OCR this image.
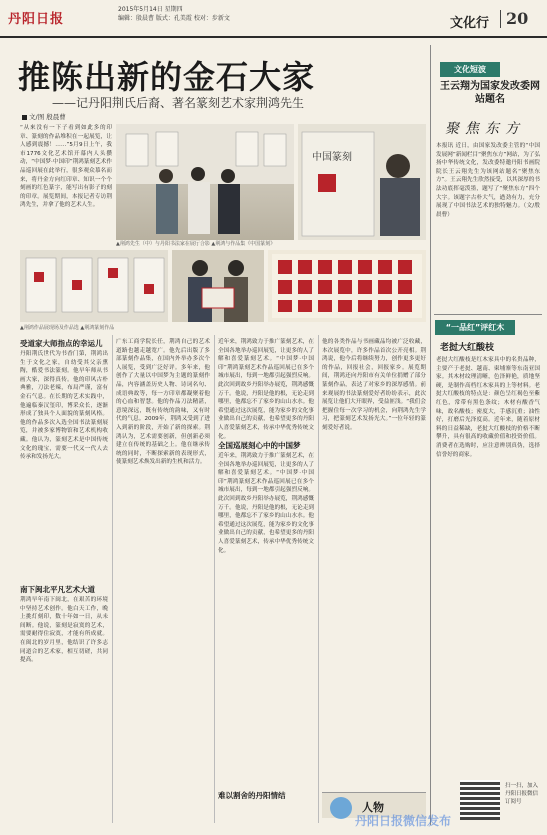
丹阳日报
2015年5月14日 星期四
编辑：殷晨曹 版式：孔美霞 校对：步新文	文化行 20
推陈出新的金石大家
——记丹阳荆氏后裔、著名篆刻艺术家荆鸿先生
文/图 殷晨曹
“从來没有一下子看到如此多的印章、篆刻的作品堆积在一起展览，让人感到震撼！……”5月9日上午，我市1776文化艺术馆开幕内人头攒动，“中国梦·中国印”荆鸿篆刻艺术作品巡回展在此举行，很多观众慕名而来，将丹金方向红印章、知识一个个刻画的红色篆字，能写出有影子的刻的印章。展览期间，本报记者专访荆鸿先生，并拿了他的艺术人生。
中国篆刻
▲荆鸿先生（中）与丹阳书法家在展厅合影 ▲荆鸿与作品集《中国篆刻》
▲荆鸿作品展现场及作品选 ▲荆鸿篆刻作品
受道家大师指点的幸运儿
丹阳荆氏世代为书香门第，荆鸿出生于文化之家，自幼受其父亲熏陶，酷爱书法篆刻。他早年师从书画大家，深得真传。他的印风古朴典雅，刀法老辣，布局严谨，富有金石气息。在长期的艺术实践中，他遍临秦汉玺印，博采众长，逐渐形成了独具个人面貌的篆刻风格。他的作品多次入选全国书法篆刻展览，并被多家博物馆和艺术机构收藏。他认为，篆刻艺术是中国传统文化的瑰宝，需要一代又一代人去传承和发扬光大。
南下闽北平凡艺术大道
荆鸿早年南下闽北，在艰苦的环境中坚持艺术创作。他白天工作，晚上挑灯刻印，数十年如一日，从未间断。他说，篆刻是寂寞的艺术，需要耐得住寂寞，才能有所成就。在闽北的岁月里，他结识了许多志同道合的艺术家，相互切磋，共同提高。
广东工商学院长任，荆鸿自己的艺术道路也越走越宽广。他先后出版了多部篆刻作品集，在国内外举办多次个人展览，受到广泛好评。多年来，他创作了大量以中国梦为主题的篆刻作品，内容涵盖历史人物、诗词名句、成语典故等，每一方印章都凝聚着他的心血和智慧。他的作品刀法精湛，意境深远，既有传统的韵味，又有时代的气息。2009年，荆鸿又受到了进入到新的阶段，开始了新的探索。荆鸿认为，艺术需要创新，但创新必须建立在传统的基础之上。他在继承传统的同时，不断探索新的表现形式，使篆刻艺术焕发出新的生机和活力。
近年来，荆鸿致力于推广篆刻艺术，在全国各地举办巡回展览，让更多的人了解和喜爱篆刻艺术。“中国梦·中国印”荆鸿篆刻艺术作品巡回展已在多个城市展出，每到一地都引起强烈反响。此次回到故乡丹阳举办展览，荆鸿感慨万千。他说，丹阳是他的根，无论走到哪里，他都忘不了家乡的山山水水。他希望通过这次展览，能为家乡的文化事业做出自己的贡献，也希望更多的丹阳人喜爱篆刻艺术，传承中华优秀传统文化。
全国巡展刻心中的中国梦
近年来，荆鸿致力于推广篆刻艺术，在全国各地举办巡回展览，让更多的人了解和喜爱篆刻艺术。“中国梦·中国印”荆鸿篆刻艺术作品巡回展已在多个城市展出，每到一地都引起强烈反响。此次回到故乡丹阳举办展览，荆鸿感慨万千。他说，丹阳是他的根，无论走到哪里，他都忘不了家乡的山山水水。他希望通过这次展览，能为家乡的文化事业做出自己的贡献，也希望更多的丹阳人喜爱篆刻艺术，传承中华优秀传统文化。
难以割舍的丹阳情结
他的各类作品与书画藏品均被广泛收藏，本次展览中，许多作品首次公开亮相。荆鸿说，他今后将继续努力，创作更多更好的作品，回报社会，回报家乡。展览期间，荆鸿还向丹阳市有关单位捐赠了部分篆刻作品，表达了对家乡的深厚感情。前来观展的书法篆刻爱好者纷纷表示，此次展览让他们大开眼界，受益匪浅。“我们会把握住每一次学习的机会，向荆鸿先生学习，把篆刻艺术发扬光大。”一位年轻的篆刻爱好者说。
人物
文化短波
王云翔为国家发改委网站题名
聚焦东方
本报讯 近日，由国家发改委主管的“中国发展网”新闻栏目“聚焦东方”网站，为了弘扬中华传统文化，发改委特邀丹阳书画院院长王云翔先生为该网站题名“聚焦东方”。王云翔先生欣然接受，以其深厚的书法功底挥毫泼墨，题写了“聚焦东方”四个大字。该题字古朴大气，遒劲有力，充分展现了中国书法艺术的独特魅力。（文/殷晨曹）
“一品红”评红木
老挝大红酸枝
老挝大红酸枝是红木家具中的名贵品种，主要产于老挝、越南、柬埔寨等东南亚国家。其木材纹理清晰，色泽鲜艳，质地坚硬，是制作高档红木家具的上等材料。老挝大红酸枝的特点是：颜色呈红褐色至紫红色，常带有黑色条纹；木材有酸香气味，故名酸枝；密度大，手感沉重；油性好，打磨后光泽度高。近年来，随着原材料的日益稀缺，老挝大红酸枝的价格不断攀升，具有很高的收藏价值和投资价值。消费者在选购时，应注意辨别真伪，选择信誉好的商家。
扫一扫，加入丹阳日报微信订阅号
丹阳日报微信发布
